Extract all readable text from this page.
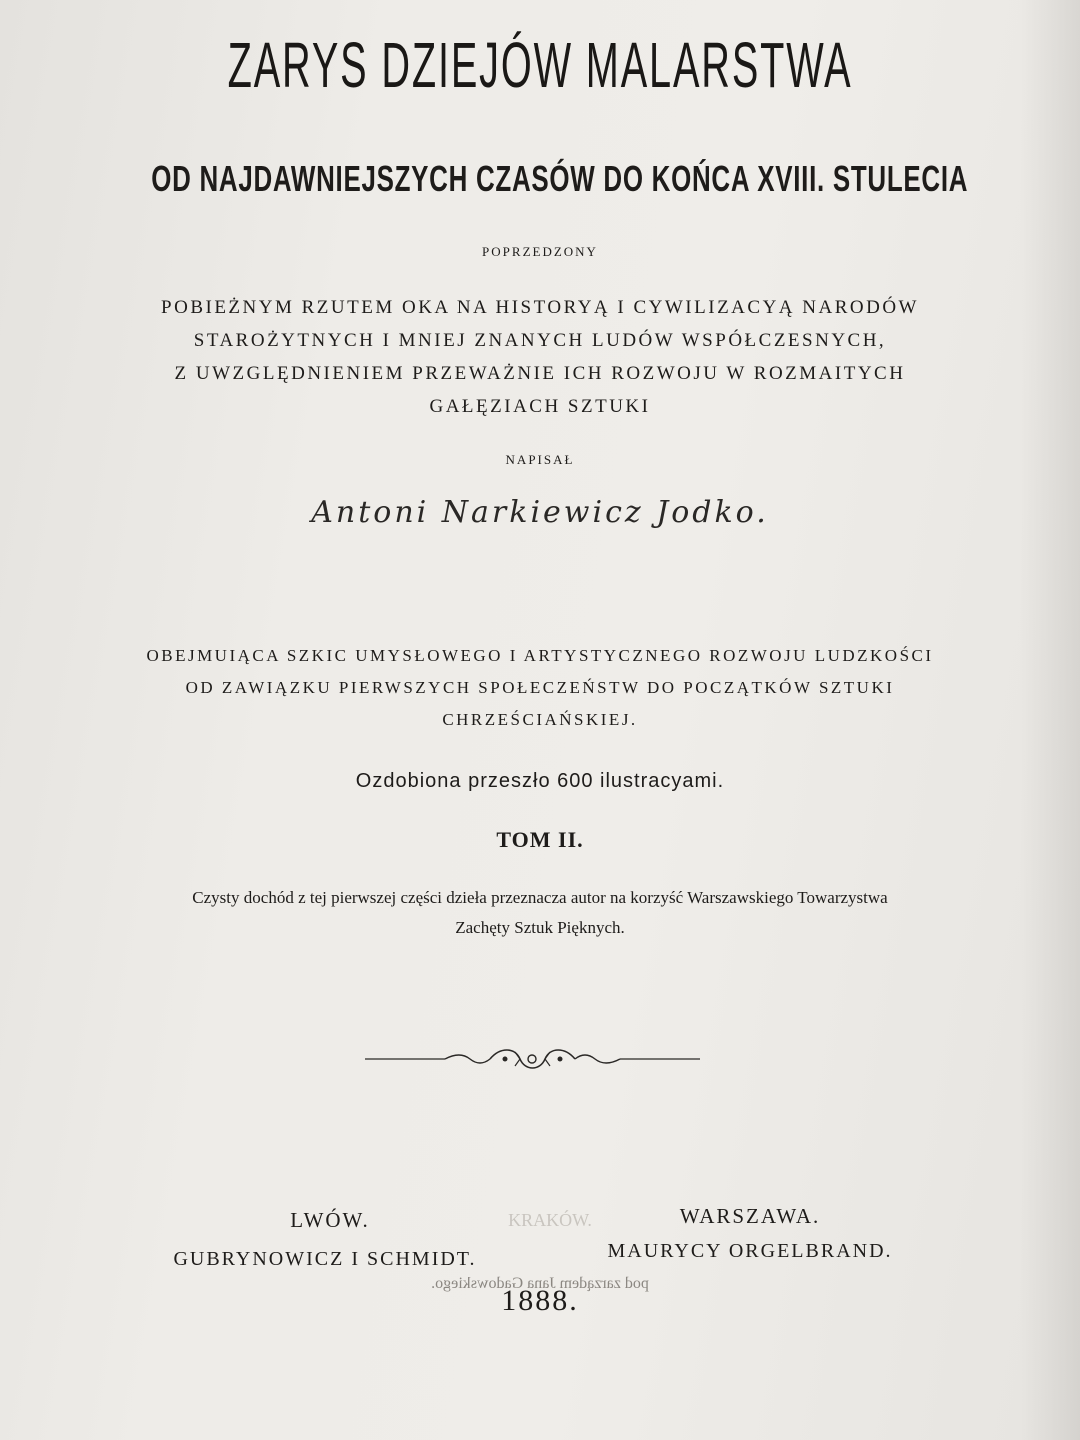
ZARYS DZIEJÓW MALARSTWA
OD NAJDAWNIEJSZYCH CZASÓW DO KOŃCA XVIII. STULECIA
POPRZEDZONY
POBIEŻNYM RZUTEM OKA NA HISTORYĄ I CYWILIZACYĄ NARODÓW
STAROŻYTNYCH I MNIEJ ZNANYCH LUDÓW WSPÓŁCZESNYCH,
Z UWZGLĘDNIENIEM PRZEWAŻNIE ICH ROZWOJU W ROZMAITYCH
GAŁĘZIACH SZTUKI
NAPISAŁ
Antoni Narkiewicz Jodko.
OBEJMUIĄCA SZKIC UMYSŁOWEGO I ARTYSTYCZNEGO ROZWOJU LUDZKOŚCI
OD ZAWIĄZKU PIERWSZYCH SPOŁECZEŃSTW DO POCZĄTKÓW SZTUKI
CHRZEŚCIAŃSKIEJ.
Ozdobiona przeszło 600 ilustracyami.
TOM II.
Czysty dochód z tej pierwszej części dzieła przeznacza autor na korzyść Warszawskiego Towarzystwa
Zachęty Sztuk Pięknych.
KRAKÓW.
LWÓW.	WARSZAWA.
GUBRYNOWICZ I SCHMIDT.	MAURYCY ORGELBRAND.
pod zarządem Jana Gadowskiego.
1888.
